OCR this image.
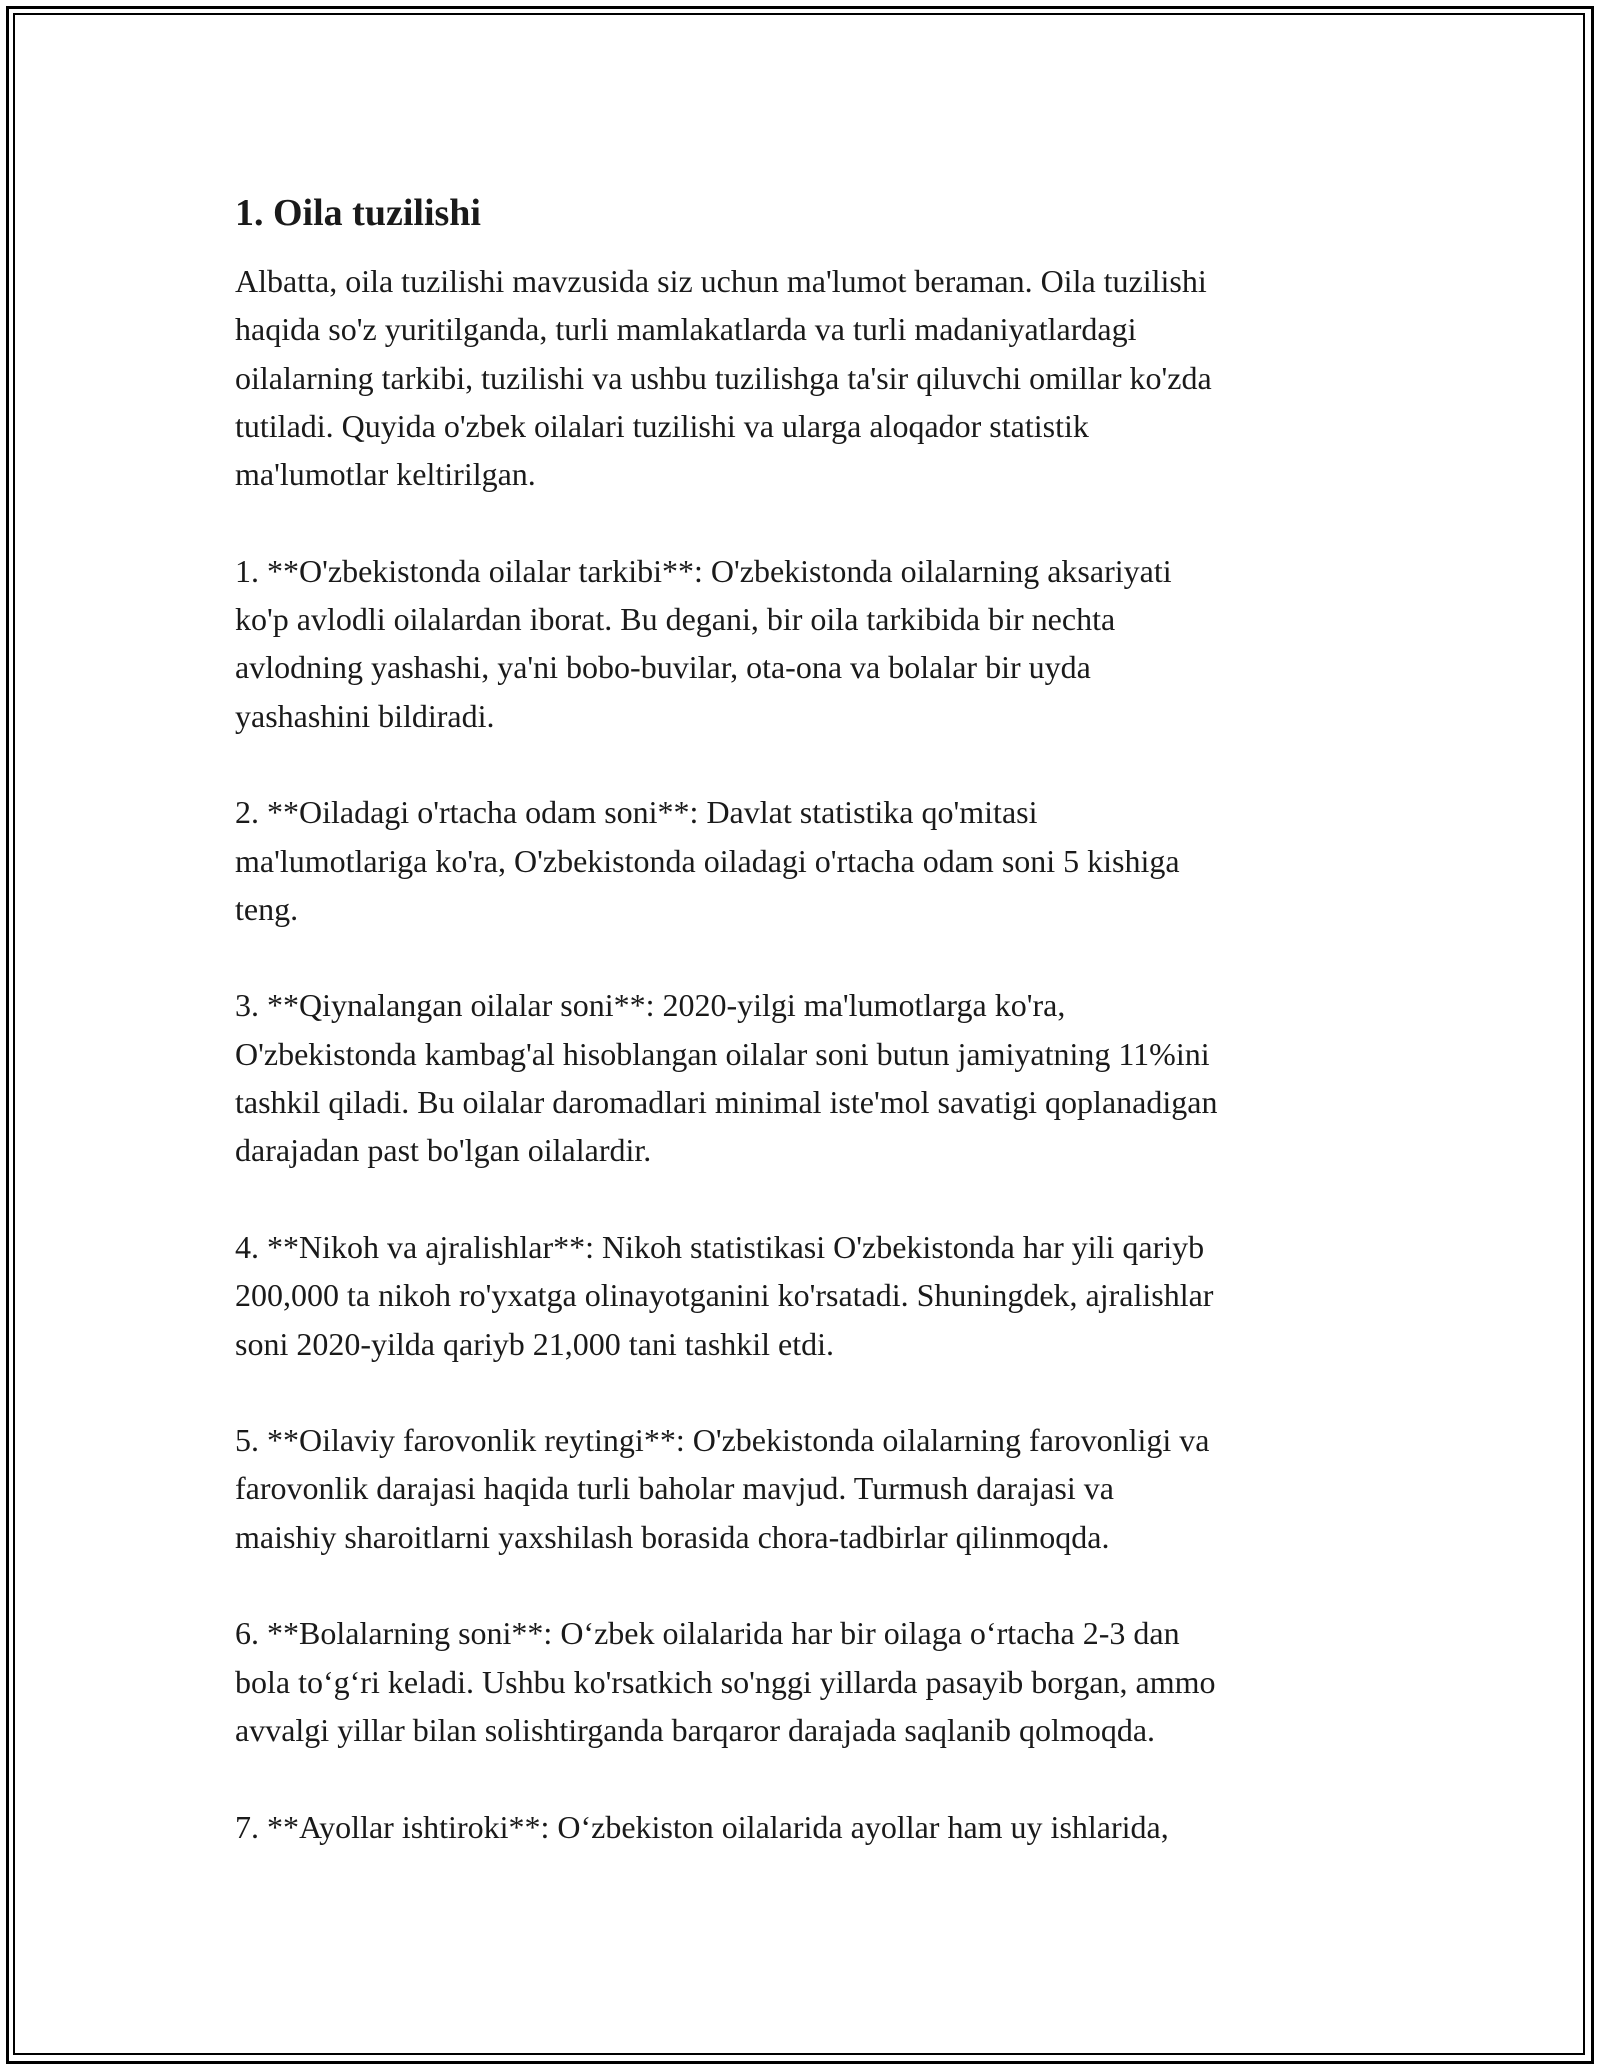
1. Oila tuzilishi
Albatta, oila tuzilishi mavzusida siz uchun ma'lumot beraman. Oila tuzilishi
haqida so'z yuritilganda, turli mamlakatlarda va turli madaniyatlardagi
oilalarning tarkibi, tuzilishi va ushbu tuzilishga ta'sir qiluvchi omillar ko'zda
tutiladi. Quyida o'zbek oilalari tuzilishi va ularga aloqador statistik
ma'lumotlar keltirilgan.
1. **O'zbekistonda oilalar tarkibi**: O'zbekistonda oilalarning aksariyati
ko'p avlodli oilalardan iborat. Bu degani, bir oila tarkibida bir nechta
avlodning yashashi, ya'ni bobo-buvilar, ota-ona va bolalar bir uyda
yashashini bildiradi.
2. **Oiladagi o'rtacha odam soni**: Davlat statistika qo'mitasi
ma'lumotlariga ko'ra, O'zbekistonda oiladagi o'rtacha odam soni 5 kishiga
teng.
3. **Qiynalangan oilalar soni**: 2020-yilgi ma'lumotlarga ko'ra,
O'zbekistonda kambag'al hisoblangan oilalar soni butun jamiyatning 11%ini
tashkil qiladi. Bu oilalar daromadlari minimal iste'mol savatigi qoplanadigan
darajadan past bo'lgan oilalardir.
4. **Nikoh va ajralishlar**: Nikoh statistikasi O'zbekistonda har yili qariyb
200,000 ta nikoh ro'yxatga olinayotganini ko'rsatadi. Shuningdek, ajralishlar
soni 2020-yilda qariyb 21,000 tani tashkil etdi.
5. **Oilaviy farovonlik reytingi**: O'zbekistonda oilalarning farovonligi va
farovonlik darajasi haqida turli baholar mavjud. Turmush darajasi va
maishiy sharoitlarni yaxshilash borasida chora-tadbirlar qilinmoqda.
6. **Bolalarning soni**: O‘zbek oilalarida har bir oilaga o‘rtacha 2-3 dan
bola to‘g‘ri keladi. Ushbu ko'rsatkich so'nggi yillarda pasayib borgan, ammo
avvalgi yillar bilan solishtirganda barqaror darajada saqlanib qolmoqda.
7. **Ayollar ishtiroki**: O‘zbekiston oilalarida ayollar ham uy ishlarida,
